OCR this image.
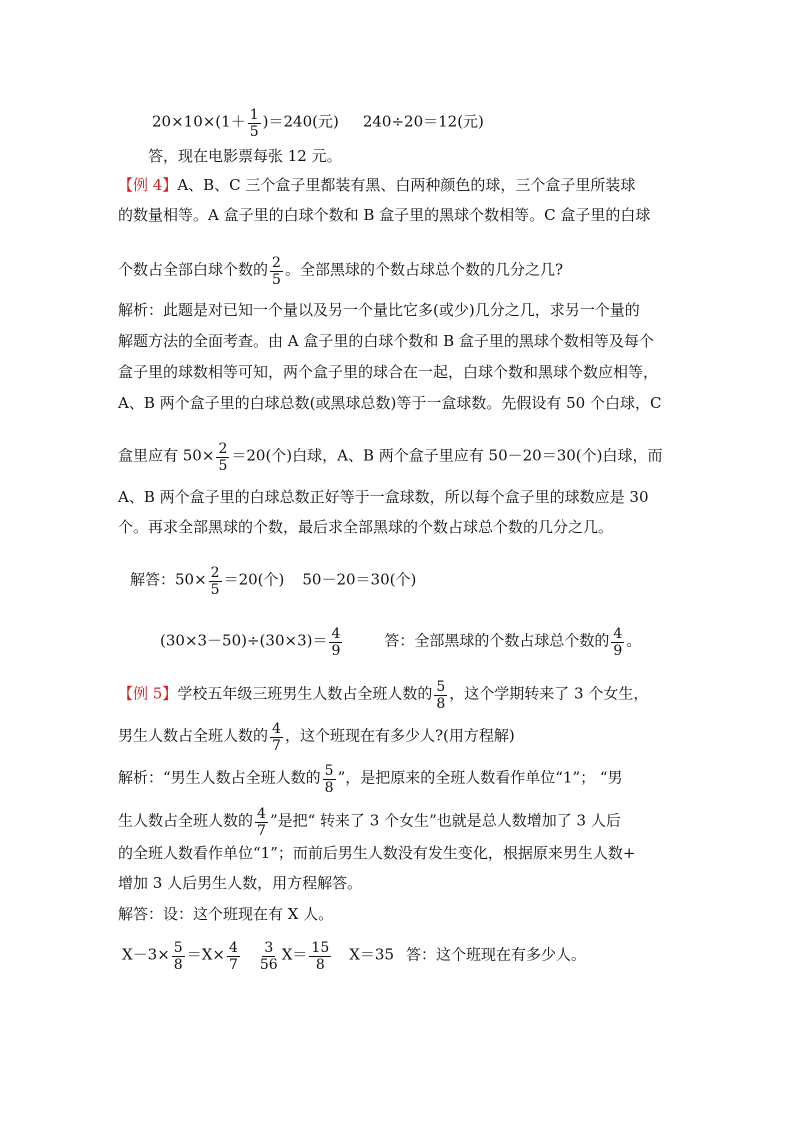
$20\times 10\times(1+ \frac{1}{5} )=240$(元) 240÷20＝12(元)
答，现在电影票每张 12 元。
【例 4】A、B、C 三个盒子里都装有黑、白两种颜色的球，三个盒子里所装球
的数量相等。A 盒子里的白球个数和 B 盒子里的黑球个数相等。C 盒子里的白球
个数占全部白球个数的 $\frac{2}{5}$ 。全部黑球的个数占球总个数的几分之几?
解析：此题是对已知一个量以及另一个量比它多(或少)几分之几，求另一个量的
解题方法的全面考查。由 A 盒子里的白球个数和 B 盒子里的黑球个数相等及每个
盒子里的球数相等可知，两个盒子里的球合在一起，白球个数和黑球个数应相等，
A、B 两个盒子里的白球总数(或黑球总数)等于一盒球数。先假设有 50 个白球，C
盒里应有 $50\times \frac{2}{5} =20$(个)白球，A、B 两个盒子里应有 50－20＝30(个)白球，而
A、B 两个盒子里的白球总数正好等于一盒球数，所以每个盒子里的球数应是 30
个。再求全部黑球的个数，最后求全部黑球的个数占球总个数的几分之几。
解答：$50\times \frac{2}{5} =20$(个) 50－20＝30(个)
$(30\times 3-50)\div(30\times 3)= \frac{4}{9}$	答：全部黑球的个数占球总个数的 $\frac{4}{9}$ 。
【例 5】学校五年级三班男生人数占全班人数的 $\frac{5}{8}$ ，这个学期转来了 3 个女生，
男生人数占全班人数的 $\frac{4}{7}$ ，这个班现在有多少人?(用方程解)
解析：“男生人数占全班人数的 $\frac{5}{8}$ ”，是把原来的全班人数看作单位“1”； “男
生人数占全班人数的 $\frac{4}{7}$ ”是把“ 转来了 3 个女生”也就是总人数增加了 3 人后
的全班人数看作单位“1”；而前后男生人数没有发生变化，根据原来男生人数+
增加 3 人后男生人数，用方程解答。
解答：设：这个班现在有 X 人。
$X-3\times \frac{5}{8} =X\times \frac{4}{7} \frac{3}{56} X= \frac{15}{8} X=35$ 答：这个班现在有多少人。
